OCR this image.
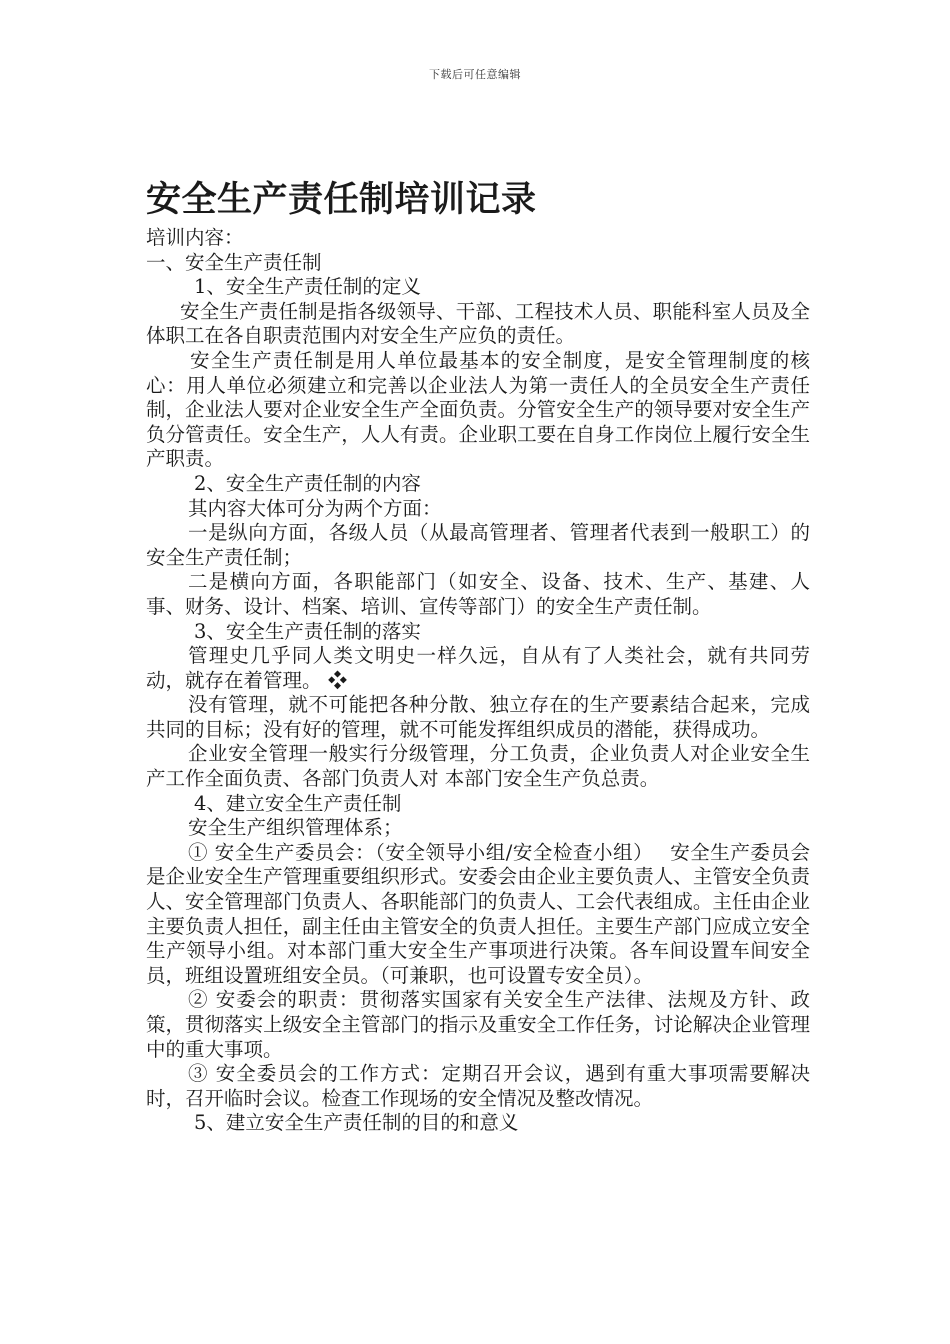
下载后可任意编辑
安全生产责任制培训记录

培训内容：

一、安全生产责任制

1、安全生产责任制的定义

安全生产责任制是指各级领导、干部、工程技术人员、职能科室人员及全体职工在各自职责范围内对安全生产应负的责任。

安全生产责任制是用人单位最基本的安全制度，是安全管理制度的核心：用人单位必须建立和完善以企业法人为第一责任人的全员安全生产责任制，企业法人要对企业安全生产全面负责。分管安全生产的领导要对安全生产负分管责任。安全生产，人人有责。企业职工要在自身工作岗位上履行安全生产职责。

2、安全生产责任制的内容

其内容大体可分为两个方面：

一是纵向方面，各级人员（从最高管理者、管理者代表到一般职工）的安全生产责任制；

二是横向方面，各职能部门（如安全、设备、技术、生产、基建、人事、财务、设计、档案、培训、宣传等部门）的安全生产责任制。

3、安全生产责任制的落实

管理史几乎同人类文明史一样久远，自从有了人类社会，就有共同劳动，就存在着管理。 ❖

没有管理，就不可能把各种分散、独立存在的生产要素结合起来，完成共同的目标；没有好的管理，就不可能发挥组织成员的潜能，获得成功。

企业安全管理一般实行分级管理，分工负责，企业负责人对企业安全生产工作全面负责、各部门负责人对 本部门安全生产负总责。

4、建立安全生产责任制

安全生产组织管理体系；

① 安全生产委员会：（安全领导小组/安全检查小组）　 安全生产委员会是企业安全生产管理重要组织形式。安委会由企业主要负责人、主管安全负责人、安全管理部门负责人、各职能部门的负责人、工会代表组成。主任由企业主要负责人担任，副主任由主管安全的负责人担任。主要生产部门应成立安全生产领导小组。对本部门重大安全生产事项进行决策。各车间设置车间安全员，班组设置班组安全员。（可兼职，也可设置专安全员）。

② 安委会的职责：贯彻落实国家有关安全生产法律、法规及方针、政策，贯彻落实上级安全主管部门的指示及重安全工作任务，讨论解决企业管理中的重大事项。

③ 安全委员会的工作方式：定期召开会议，遇到有重大事项需要解决时，召开临时会议。检查工作现场的安全情况及整改情况。

5、建立安全生产责任制的目的和意义
